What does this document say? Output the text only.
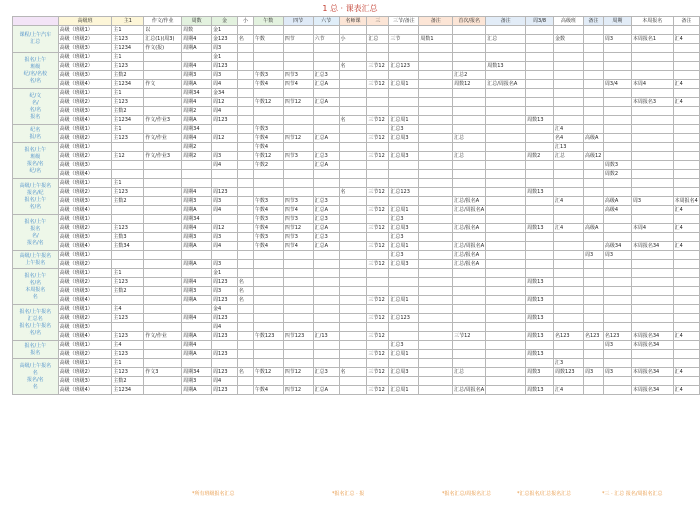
1 总 · 课表汇总
	高级班	主1	作文/作业	周数	金	小	午数	四节	六节	名师课	三	三节/备注	备注	首次/报名	备注	周3/8	高级班	备注	周期	本周报名	备注

课程/上午汽车
汇总	高级（班级1）	主1	以	周数	金1																
	高级（班级2）	主123	汇总(1)(周3)	周期4	金123	名	午数	四节	六节	小	汇总	三节	周数1		汇总		金数		周3	本周报名1	汇4
	高级（班级3）	主1234	作文(报)	周期A	周3																

报名/上午
班级
纪/名/名校
名/名	高级（班级1）	主1			金1																
	高级（班级2）	主123		周期4	周123					名	三节12	汇总123			周数13						
	高级（班级3）	主数2		周期3	周3		午数3	四节3	汇总3					汇总2							
	高级（班级4）	主1234	作文	周期A	周4		午数4	四节4	汇总A		三节12	汇总周1		周数12	汇总/周报名A				周3/4	本周4	汇4

纪/文
名/
名/名
报名	高级（班级1）	主1		周期34	金34																
	高级（班级2）	主123		周期4	周12		午数12	四节12	汇总A											本周报名3	汇4
	高级（班级3）	主数2		周期2	周4																
	高级（班级4）	主1234	作文/作业3	周期A	周123					名	三节12	汇总周1				周数13					

纪名
报/名	高级（班级1）	主1		周期34			午数3					汇总3					汇4				
	高级（班级2）	主123	作文/作业	周期4	周12		午数4	四节12	汇总A		三节12	汇总周3		汇总			名4	高级A			

报名/上午
班级
报名/名
纪/名	高级（班级1）			周期2			午数4										汇13				
	高级（班级2）	主12	作文/作业3	周期2	周3		午数12	四节3	汇总3		三节12	汇总周3		汇总		周数2	汇总	高级12			
	高级（班级3）				周4		午数2		汇总A										周数3		
	高级（班级4）																		周数2		

高级/上午报名
报名/纪
报名/上午
名/名	高级（班级1）	主1																			
	高级（班级2）	主123		周期4	周123					名	三节12	汇总123				周数13					
	高级（班级3）	主数2		周期3	周3		午数3	四节3	汇总3					汇总/报名A			汇4		高级A	周3	本周报名4
	高级（班级4）			周期A	周4		午数4	四节4	汇总A		三节12	汇总周1		汇总/周报名A					高级4		汇4

报名/上午
报名
名/
报名/名	高级（班级1）			周期34			午数3	四节3	汇总3			汇总3									
	高级（班级2）	主123		周期4	周12		午数4	四节12	汇总A		三节12	汇总周3		汇总/报名A		周数13	汇4	高级A		本周4	汇4
	高级（班级3）	主数3		周期3	周3		午数3	四节3	汇总3			汇总3									
	高级（班级4）	主数34		周期A	周4		午数4	四节4	汇总A		三节12	汇总周1		汇总/周报名A					高级34	本周报名34	汇4

高级/上午报名
上午报名	高级（班级1）											汇总3		汇总/报名A				周3	周3		
	高级（班级2）			周期A	周3						三节12	汇总周3		汇总/报名A							

报名/上午
名/名
本周报名
名	高级（班级1）	主1			金1																
	高级（班级2）	主123		周期4	周123	名										周数13					
	高级（班级3）	主数2		周期3	周3	名															
	高级（班级4）			周期A	周123	名					三节12	汇总周1				周数13					

报名/上午报名
汇总名
报名/上午报名
名/名	高级（班级1）	主4			金4																
	高级（班级2）	主123		周期4	周123						三节12	汇总123				周数13					
	高级（班级3）				周4																
	高级（班级4）	主123	作文/作业	周期A	周123		午数123	四节123	汇/13		三节12			三节12		周数13	名123	名123	名123	本周报名34	汇4

报名/上午
报名	高级（班级1）	主4		周期4								汇总3							周3	本周报名34	
	高级（班级2）	主123		周期A	周123						三节12	汇总周1				周数13					

高级/上午报名
名
报名/名
名	高级（班级1）	主1															汇3				
	高级（班级2）	主123	作文3	周期34	周123	名	午数12	四节12	汇总3	名	三节12	汇总周3		汇总		周数3	周数123	周3	周3	本周报名34	汇4
	高级（班级3）	主数2		周期3	周4																
	高级（班级4）	主1234		周期A	周123		午数4	四节12	汇总A		三节12	汇总周1		汇总/周报名A		周数13	汇4			本周报名34	汇4
*所有班级报名汇总	*报名汇总 · 报	*报名汇总/周报名汇总	*汇总报名/汇总报名汇总	*三 · 汇总 报名/周报名汇总
